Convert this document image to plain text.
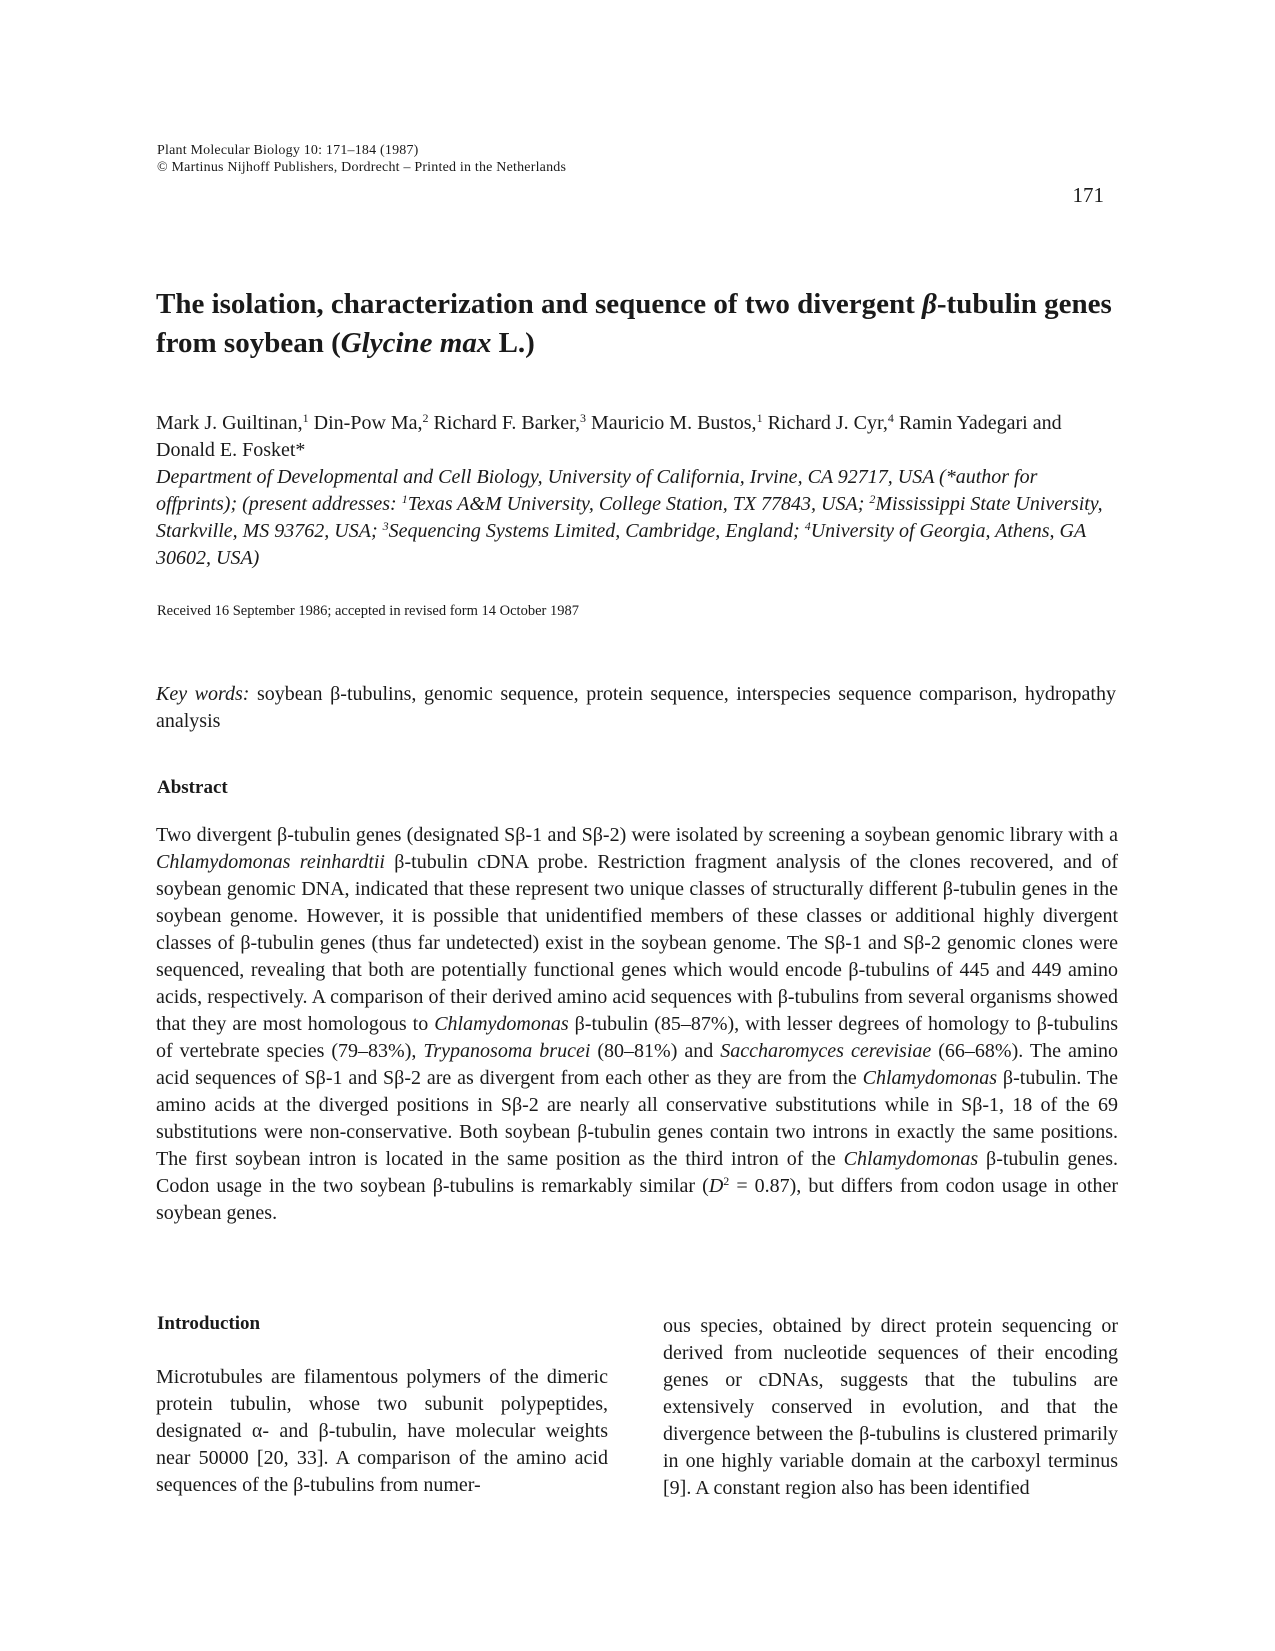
Plant Molecular Biology 10: 171–184 (1987)
© Martinus Nijhoff Publishers, Dordrecht – Printed in the Netherlands
171
The isolation, characterization and sequence of two divergent β-tubulin genes from soybean (Glycine max L.)
Mark J. Guiltinan,$^1$ Din-Pow Ma,$^2$ Richard F. Barker,$^3$ Mauricio M. Bustos,$^1$ Richard J. Cyr,$^4$ Ramin Yadegari and Donald E. Fosket*
Department of Developmental and Cell Biology, University of California, Irvine, CA 92717, USA (*author for offprints); (present addresses: $^1$Texas A&M University, College Station, TX 77843, USA; $^2$Mississippi State University, Starkville, MS 93762, USA; $^3$Sequencing Systems Limited, Cambridge, England; $^4$University of Georgia, Athens, GA 30602, USA)
Received 16 September 1986; accepted in revised form 14 October 1987
Key words: soybean β-tubulins, genomic sequence, protein sequence, interspecies sequence comparison, hydropathy analysis
Abstract

Two divergent β-tubulin genes (designated Sβ-1 and Sβ-2) were isolated by screening a soybean genomic library with a Chlamydomonas reinhardtii β-tubulin cDNA probe. Restriction fragment analysis of the clones recovered, and of soybean genomic DNA, indicated that these represent two unique classes of structurally different β-tubulin genes in the soybean genome. However, it is possible that unidentified members of these classes or additional highly divergent classes of β-tubulin genes (thus far undetected) exist in the soybean genome. The Sβ-1 and Sβ-2 genomic clones were sequenced, revealing that both are potentially functional genes which would encode β-tubulins of 445 and 449 amino acids, respectively. A comparison of their derived amino acid sequences with β-tubulins from several organisms showed that they are most homologous to Chlamydomonas β-tubulin (85–87%), with lesser degrees of homology to β-tubulins of vertebrate species (79–83%), Trypanosoma brucei (80–81%) and Saccharomyces cerevisiae (66–68%). The amino acid sequences of Sβ-1 and Sβ-2 are as divergent from each other as they are from the Chlamydomonas β-tubulin. The amino acids at the diverged positions in Sβ-2 are nearly all conservative substitutions while in Sβ-1, 18 of the 69 substitutions were non-conservative. Both soybean β-tubulin genes contain two introns in exactly the same positions. The first soybean intron is located in the same position as the third intron of the Chlamydomonas β-tubulin genes. Codon usage in the two soybean β-tubulins is remarkably similar $(D^2 = 0.87)$, but differs from codon usage in other soybean genes.

Introduction

Microtubules are filamentous polymers of the dimeric protein tubulin, whose two subunit polypeptides, designated α- and β-tubulin, have molecular weights near 50000 [20, 33]. A comparison of the amino acid sequences of the β-tubulins from numer-

ous species, obtained by direct protein sequencing or derived from nucleotide sequences of their encoding genes or cDNAs, suggests that the tubulins are extensively conserved in evolution, and that the divergence between the β-tubulins is clustered primarily in one highly variable domain at the carboxyl terminus [9]. A constant region also has been identified
